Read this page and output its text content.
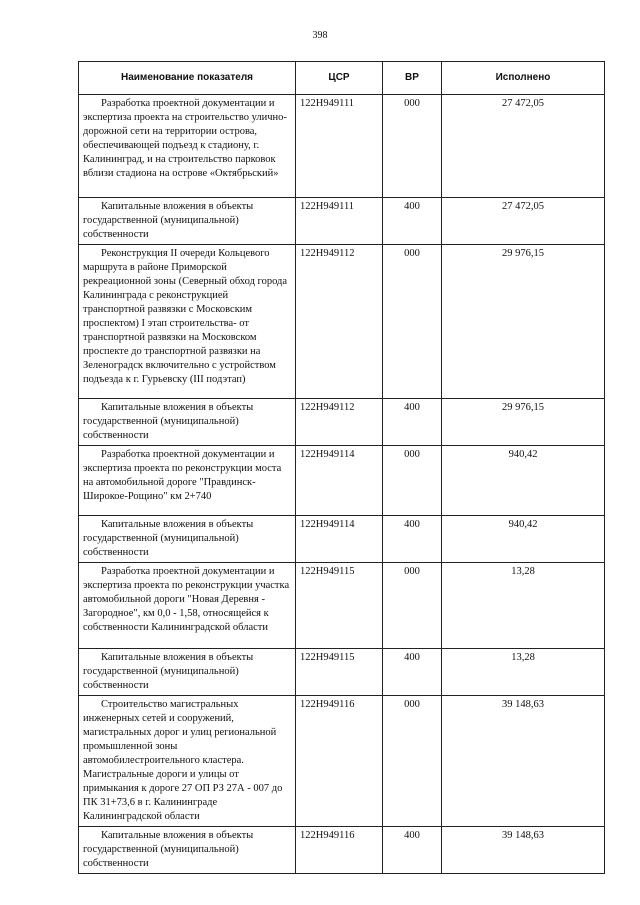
398
Наименование показателя	ЦСР	ВР	Исполнено
Разработка проектной документации и экспертиза проекта на строительство улично-дорожной сети на территории острова, обеспечивающей подъезд к стадиону, г. Калининград, и на строительство парковок вблизи стадиона на острове «Октябрьский»	122H949111	000	27 472,05
Капитальные вложения в объекты государственной (муниципальной) собственности	122H949111	400	27 472,05
Реконструкция II очереди Кольцевого маршрута в районе Приморской рекреационной зоны (Северный обход города Калининграда с реконструкцией транспортной развязки с Московским проспектом) I этап строительства- от транспортной развязки на Московском проспекте до транспортной развязки на Зеленоградск включительно с устройством подъезда к г. Гурьевску (III подэтап)	122H949112	000	29 976,15
Капитальные вложения в объекты государственной (муниципальной) собственности	122H949112	400	29 976,15
Разработка проектной документации и экспертиза проекта по реконструкции моста на автомобильной дороге "Правдинск-Широкое-Рощино" км 2+740	122H949114	000	940,42
Капитальные вложения в объекты государственной (муниципальной) собственности	122H949114	400	940,42
Разработка проектной документации и экспертиза проекта по реконструкции участка автомобильной дороги "Новая Деревня - Загородное", км 0,0 - 1,58, относящейся к собственности Калининградской области	122H949115	000	13,28
Капитальные вложения в объекты государственной (муниципальной) собственности	122H949115	400	13,28
Строительство магистральных инженерных сетей и сооружений, магистральных дорог и улиц региональной промышленной зоны автомобилестроительного кластера. Магистральные дороги и улицы от примыкания к дороге 27 ОП РЗ 27А - 007 до ПК 31+73,6 в г. Калининграде Калининградской области	122H949116	000	39 148,63
Капитальные вложения в объекты государственной (муниципальной) собственности	122H949116	400	39 148,63
